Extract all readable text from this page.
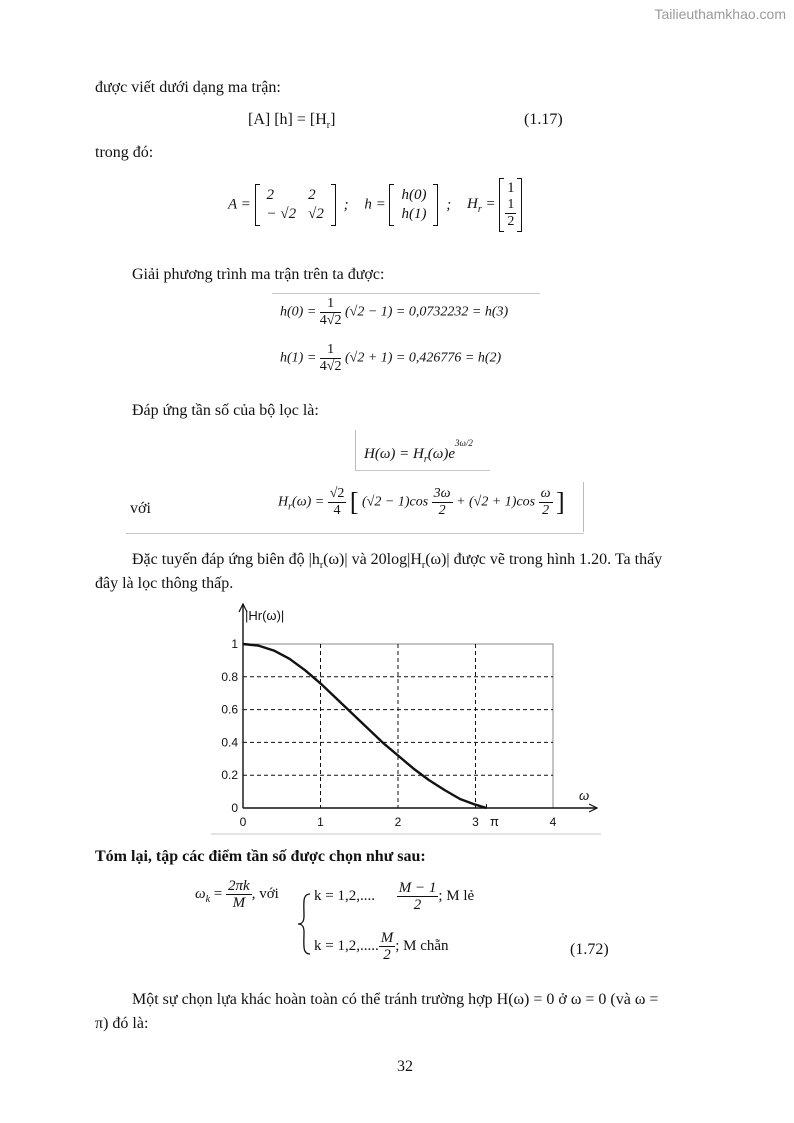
Tailieuthamkhao.com
được viết dưới dạng ma trận:
[A] $[h] = [H_r]$	(1.17)
trong đó:
A =
2	2
− √2	√2
; h =
h(0)
h(1)
; $H_r$ =
1
$\frac{1}{2}$
Giải phương trình ma trận trên ta được:
$h(0) = \frac{1}{4√2} (√2 - 1) = 0,0732232 = h(3)$
$h(1) = \frac{1}{4√2} (√2 + 1) = 0,426776 = h(2)$
Đáp ứng tần số của bộ lọc là:
$H(\omega) = H_r(\omega)e^{3\omega/2}$
với	$H_r(\omega) = \frac{√2}{4}$ [ $(√2 - 1)\cos \frac{3\omega}{2} + (√2 + 1)\cos \frac{\omega}{2}$ ]
Đặc tuyến đáp ứng biên độ $|h_r(\omega)|$ và $20\log|H_r(\omega)|$ được vẽ trong hình 1.20. Ta thấy
đây là lọc thông thấp.
|Hr(ω)|
ω
0
0.2
0.4
0.6
0.8
1
0	1	2	3	4
π
Tóm lại, tập các điểm tần số được chọn như sau:
$\omega_k = \frac{2\pi k}{M}$ , với k = 1,2,.... $\frac{M - 1}{2}$ ; M lẻ
k = 1,2,..... $\frac{M}{2}$ ; M chẵn	(1.72)
Một sự chọn lựa khác hoàn toàn có thể tránh trường hợp H(ω) = 0 ở ω = 0 (và ω =
π) đó là:
32
